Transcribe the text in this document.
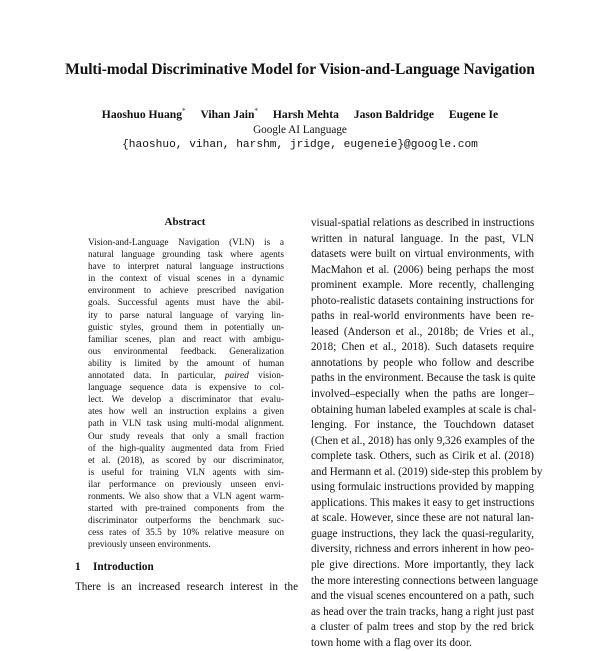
Multi-modal Discriminative Model for Vision-and-Language Navigation
Haoshuo Huang* Vihan Jain* Harsh Mehta Jason Baldridge Eugene Ie
Google AI Language
{haoshuo, vihan, harshm, jridge, eugeneie}@google.com
Abstract
Vision-and-Language Navigation (VLN) is a
natural language grounding task where agents
have to interpret natural language instructions
in the context of visual scenes in a dynamic
environment to achieve prescribed navigation
goals. Successful agents must have the abil-
ity to parse natural language of varying lin-
guistic styles, ground them in potentially un-
familiar scenes, plan and react with ambigu-
ous environmental feedback. Generalization
ability is limited by the amount of human
annotated data. In particular, paired vision-
language sequence data is expensive to col-
lect. We develop a discriminator that evalu-
ates how well an instruction explains a given
path in VLN task using multi-modal alignment.
Our study reveals that only a small fraction
of the high-quality augmented data from Fried
et al. (2018), as scored by our discriminator,
is useful for training VLN agents with sim-
ilar performance on previously unseen envi-
ronments. We also show that a VLN agent warm-
started with pre-trained components from the
discriminator outperforms the benchmark suc-
cess rates of 35.5 by 10% relative measure on
previously unseen environments.
1 Introduction
There is an increased research interest in the
visual-spatial relations as described in instructions
written in natural language. In the past, VLN
datasets were built on virtual environments, with
MacMahon et al. (2006) being perhaps the most
prominent example. More recently, challenging
photo-realistic datasets containing instructions for
paths in real-world environments have been re-
leased (Anderson et al., 2018b; de Vries et al.,
2018; Chen et al., 2018). Such datasets require
annotations by people who follow and describe
paths in the environment. Because the task is quite
involved–especially when the paths are longer–
obtaining human labeled examples at scale is chal-
lenging. For instance, the Touchdown dataset
(Chen et al., 2018) has only 9,326 examples of the
complete task. Others, such as Cirik et al. (2018)
and Hermann et al. (2019) side-step this problem by
using formulaic instructions provided by mapping
applications. This makes it easy to get instructions
at scale. However, since these are not natural lan-
guage instructions, they lack the quasi-regularity,
diversity, richness and errors inherent in how peo-
ple give directions. More importantly, they lack
the more interesting connections between language
and the visual scenes encountered on a path, such
as head over the train tracks, hang a right just past
a cluster of palm trees and stop by the red brick
town home with a flag over its door.
